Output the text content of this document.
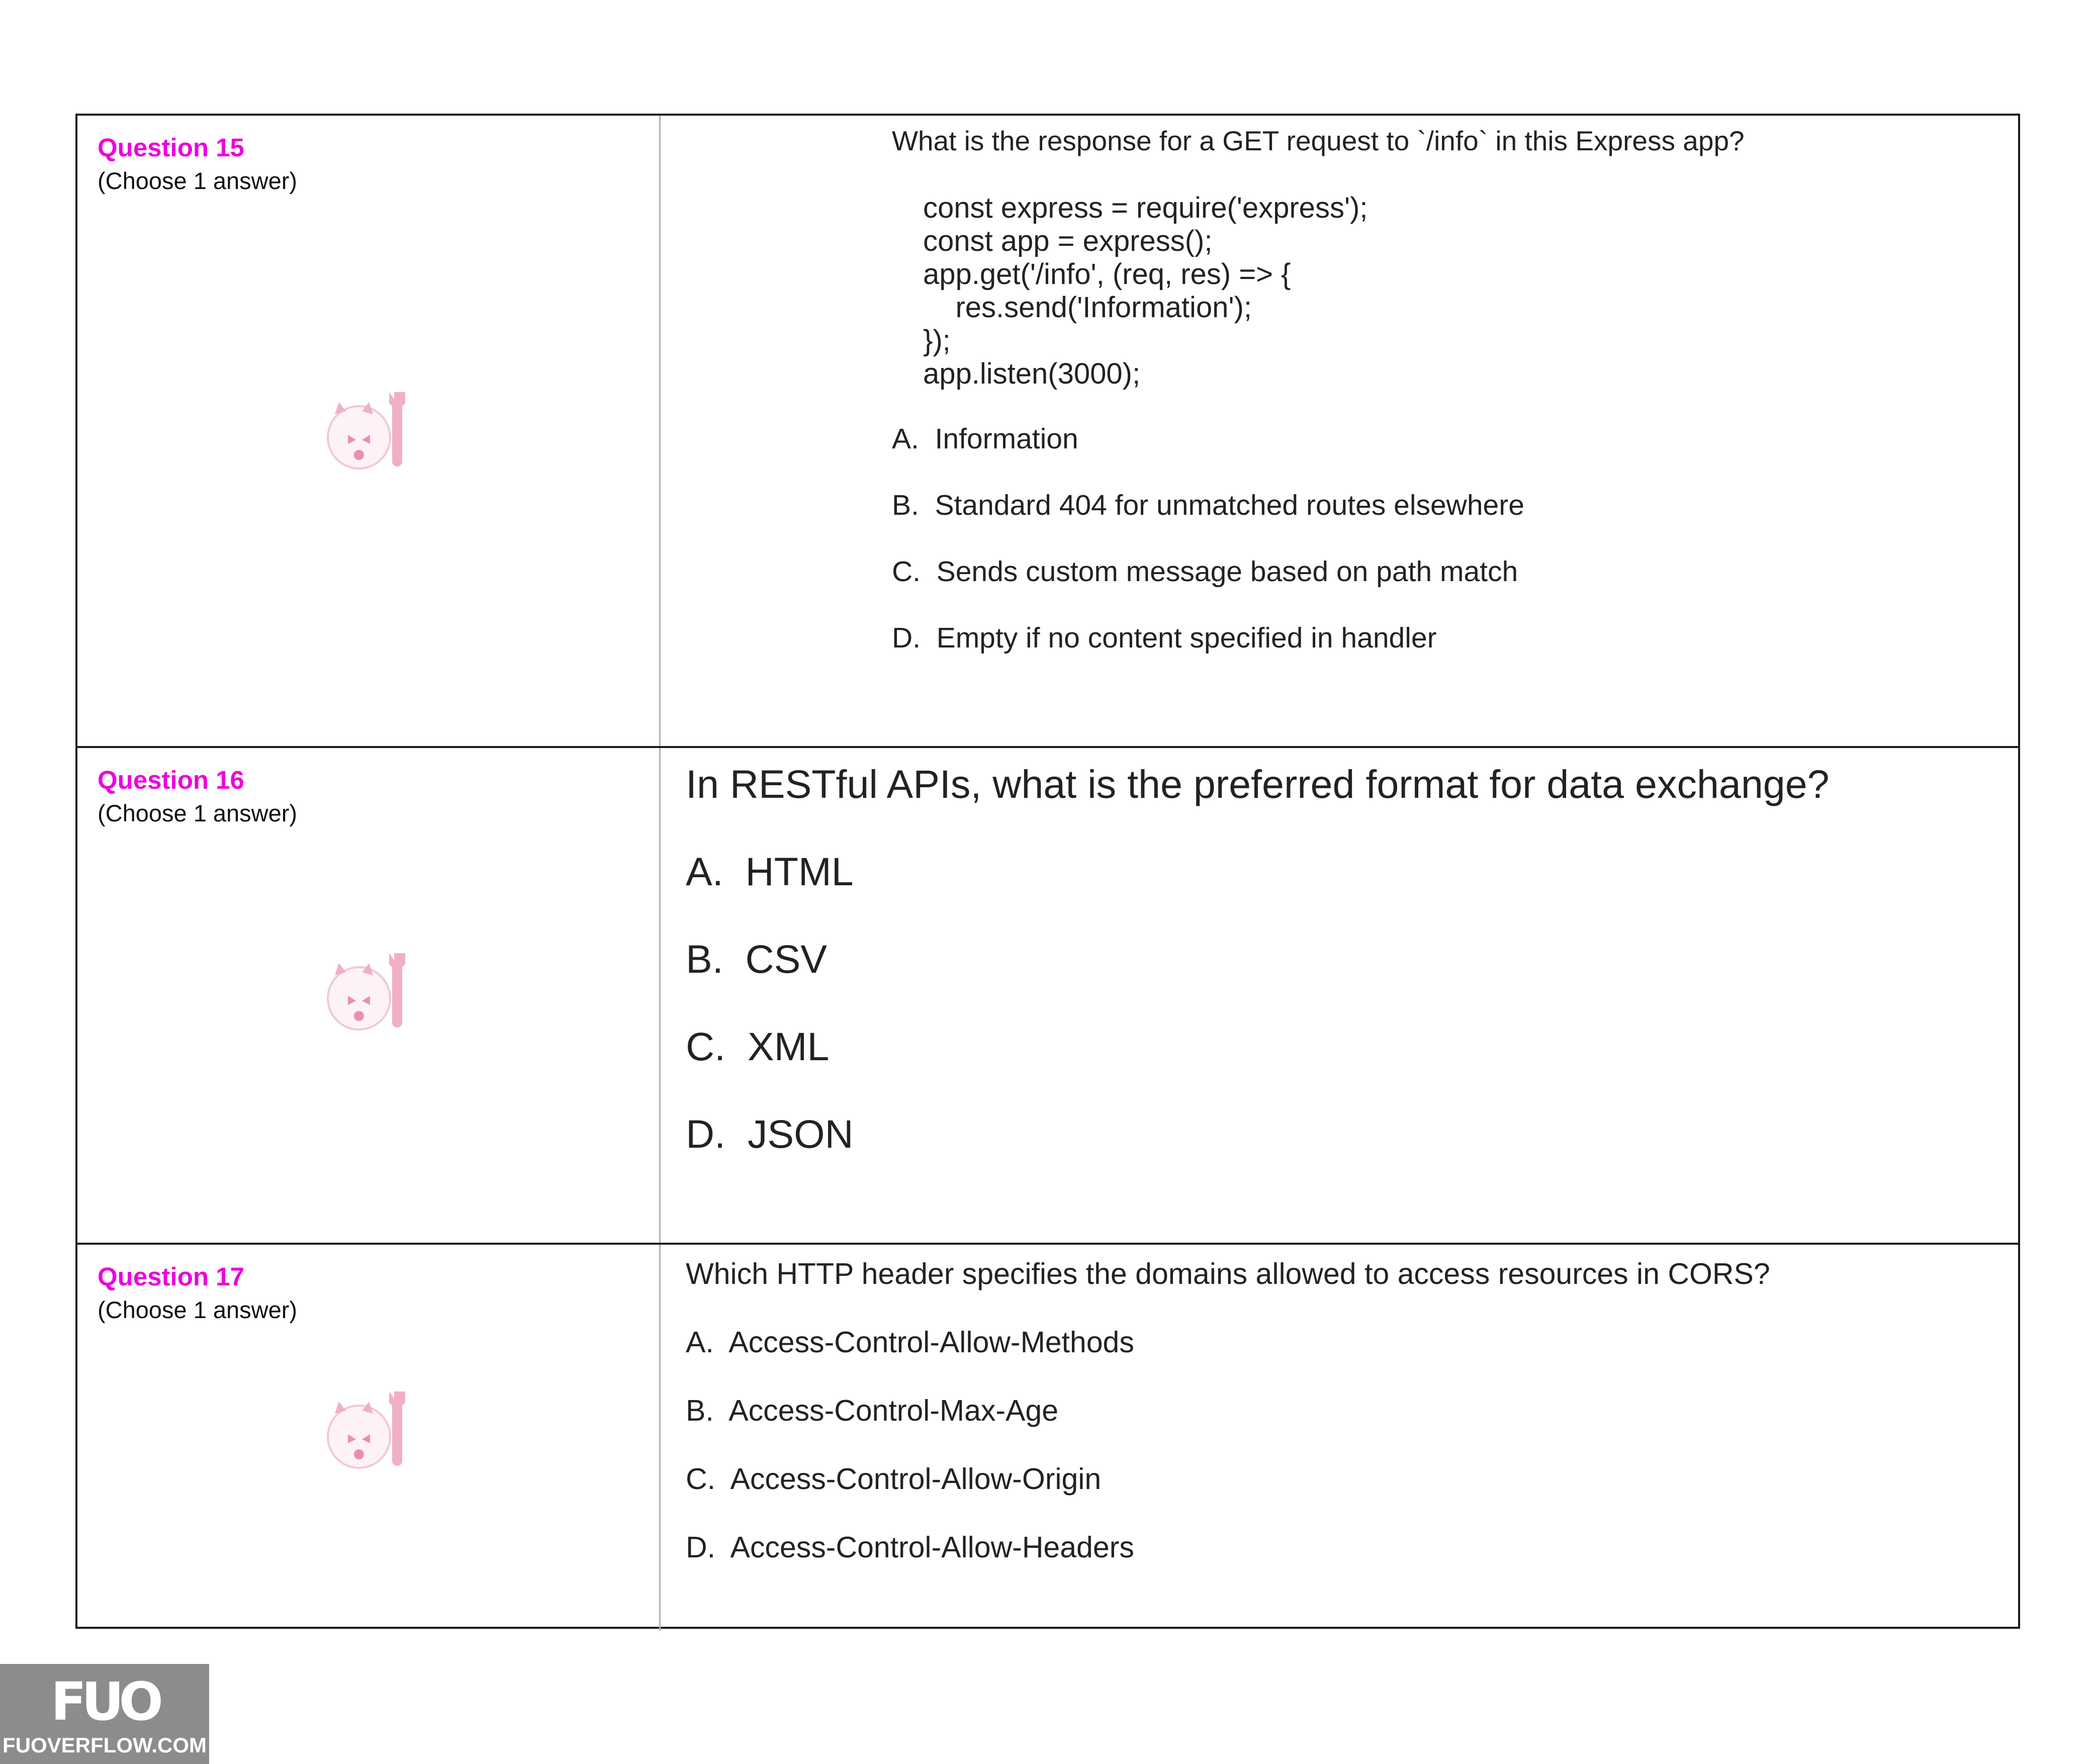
Question 15
(Choose 1 answer)
What is the response for a GET request to `/info` in this Express app?
const express = require('express');
const app = express();
app.get('/info', (req, res) => {
res.send('Information');
});
app.listen(3000);
A.  Information
B.  Standard 404 for unmatched routes elsewhere
C.  Sends custom message based on path match
D.  Empty if no content specified in handler
Question 16
(Choose 1 answer)
In RESTful APIs, what is the preferred format for data exchange?
A.  HTML
B.  CSV
C.  XML
D.  JSON
Question 17
(Choose 1 answer)
Which HTTP header specifies the domains allowed to access resources in CORS?
A.  Access-Control-Allow-Methods
B.  Access-Control-Max-Age
C.  Access-Control-Allow-Origin
D.  Access-Control-Allow-Headers
FUO
FUOVERFLOW.COM
